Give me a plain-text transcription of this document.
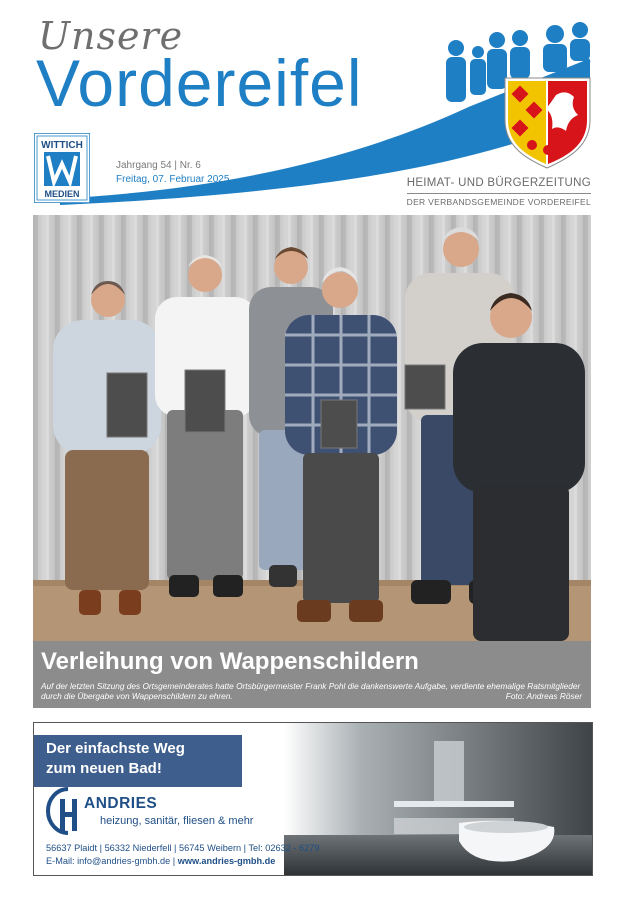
Unsere
Vordereifel
WITTICH
MEDIEN
Jahrgang 54 | Nr. 6
Freitag, 07. Februar 2025	HEIMAT- UND BÜRGERZEITUNG
DER VERBANDSGEMEINDE VORDEREIFEL
Verleihung von Wappenschildern
Auf der letzten Sitzung des Ortsgemeinderates hatte Ortsbürgermeister Frank Pohl die dankenswerte Aufgabe, verdiente ehemalige Ratsmitglieder durch die Übergabe von Wappenschildern zu ehren.	Foto: Andreas Röser
Der einfachste Weg
zum neuen Bad!
ANDRIES
heizung, sanitär, fliesen & mehr
56637 Plaidt | 56332 Niederfell | 56745 Weibern | Tel: 02632 - 6279
E-Mail: info@andries-gmbh.de | www.andries-gmbh.de
